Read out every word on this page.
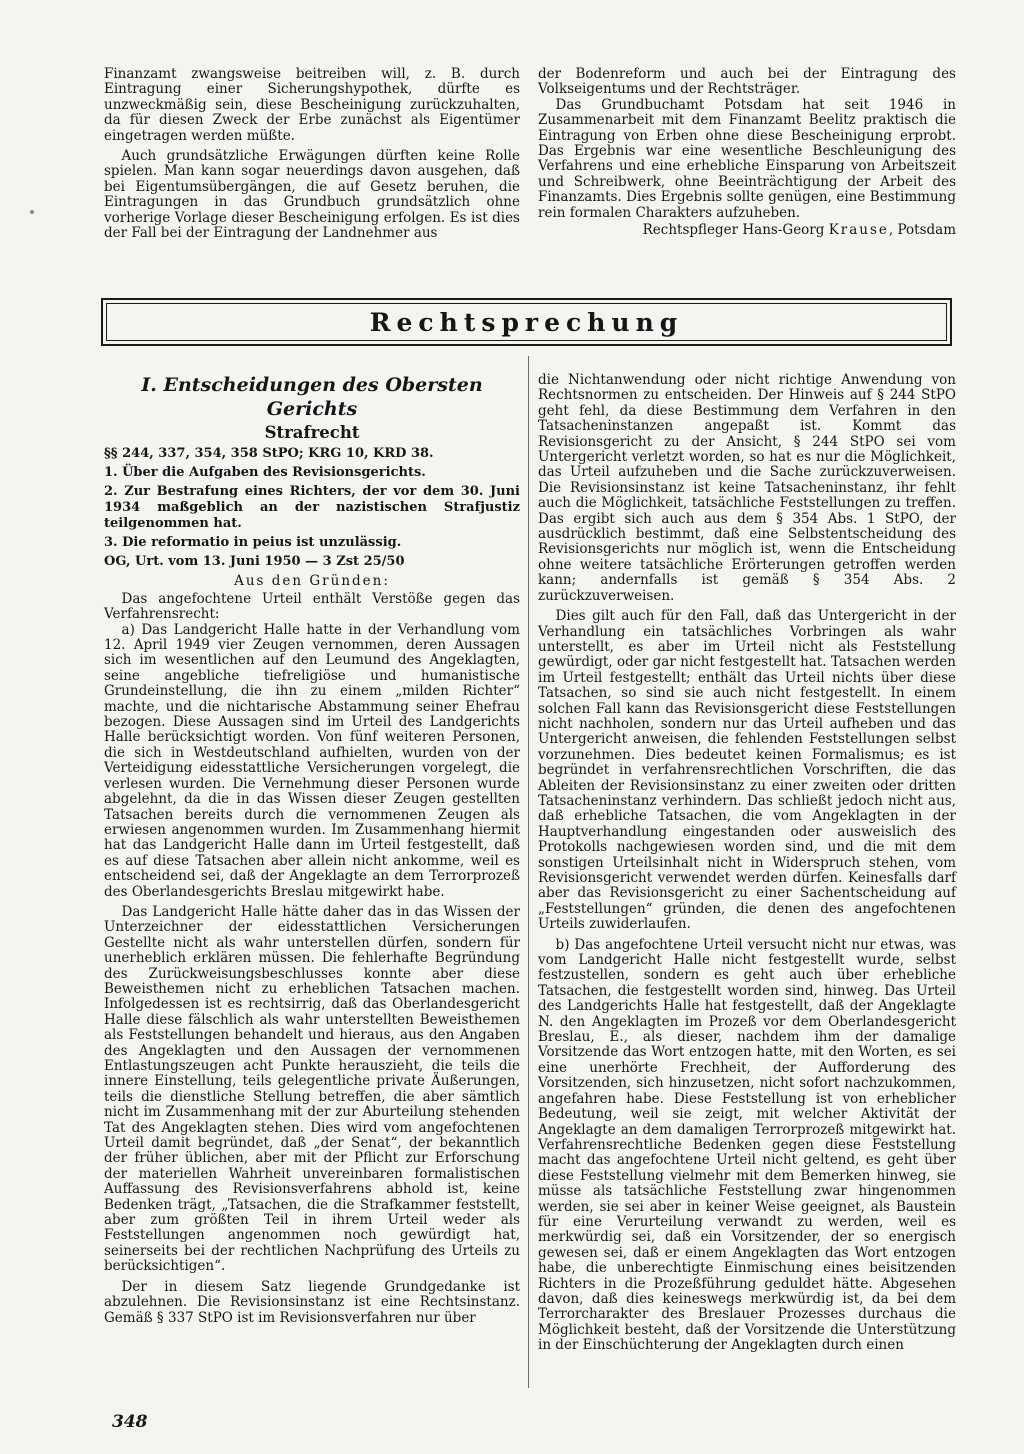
Finanzamt zwangsweise beitreiben will, z. B. durch Eintragung einer Sicherungshypothek, dürfte es unzweckmäßig sein, diese Bescheinigung zurückzuhalten, da für diesen Zweck der Erbe zunächst als Eigentümer eingetragen werden müßte.

Auch grundsätzliche Erwägungen dürften keine Rolle spielen. Man kann sogar neuerdings davon ausgehen, daß bei Eigentumsübergängen, die auf Gesetz beruhen, die Eintragungen in das Grundbuch grundsätzlich ohne vorherige Vorlage dieser Bescheinigung erfolgen. Es ist dies der Fall bei der Eintragung der Landnehmer aus

der Bodenreform und auch bei der Eintragung des Volkseigentums und der Rechtsträger.

Das Grundbuchamt Potsdam hat seit 1946 in Zusammenarbeit mit dem Finanzamt Beelitz praktisch die Eintragung von Erben ohne diese Bescheinigung erprobt. Das Ergebnis war eine wesentliche Beschleunigung des Verfahrens und eine erhebliche Einsparung von Arbeitszeit und Schreibwerk, ohne Beeinträchtigung der Arbeit des Finanzamts. Dies Ergebnis sollte genügen, eine Bestimmung rein formalen Charakters aufzuheben.

Rechtspfleger Hans-Georg Krause, Potsdam

Rechtsprechung
I. Entscheidungen des Obersten Gerichts
Strafrecht

§§ 244, 337, 354, 358 StPO; KRG 10, KRD 38.

1. Über die Aufgaben des Revisionsgerichts.

2. Zur Bestrafung eines Richters, der vor dem 30. Juni 1934 maßgeblich an der nazistischen Strafjustiz teilgenommen hat.

3. Die reformatio in peius ist unzulässig.

OG, Urt. vom 13. Juni 1950 — 3 Zst 25/50

Aus den Gründen:

Das angefochtene Urteil enthält Verstöße gegen das Verfahrensrecht:

a) Das Landgericht Halle hatte in der Verhandlung vom 12. April 1949 vier Zeugen vernommen, deren Aussagen sich im wesentlichen auf den Leumund des Angeklagten, seine angebliche tiefreligiöse und humanistische Grundeinstellung, die ihn zu einem „milden Richter“ machte, und die nichtarische Abstammung seiner Ehefrau bezogen. Diese Aussagen sind im Urteil des Landgerichts Halle berücksichtigt worden. Von fünf weiteren Personen, die sich in Westdeutschland aufhielten, wurden von der Verteidigung eidesstattliche Versicherungen vorgelegt, die verlesen wurden. Die Vernehmung dieser Personen wurde abgelehnt, da die in das Wissen dieser Zeugen gestellten Tatsachen bereits durch die vernommenen Zeugen als erwiesen angenommen wurden. Im Zusammenhang hiermit hat das Landgericht Halle dann im Urteil festgestellt, daß es auf diese Tatsachen aber allein nicht ankomme, weil es entscheidend sei, daß der Angeklagte an dem Terrorprozeß des Oberlandesgerichts Breslau mitgewirkt habe.

Das Landgericht Halle hätte daher das in das Wissen der Unterzeichner der eidesstattlichen Versicherungen Gestellte nicht als wahr unterstellen dürfen, sondern für unerheblich erklären müssen. Die fehlerhafte Begründung des Zurückweisungsbeschlusses konnte aber diese Beweisthemen nicht zu erheblichen Tatsachen machen. Infolgedessen ist es rechtsirrig, daß das Oberlandesgericht Halle diese fälschlich als wahr unterstellten Beweisthemen als Feststellungen behandelt und hieraus, aus den Angaben des Angeklagten und den Aussagen der vernommenen Entlastungszeugen acht Punkte herauszieht, die teils die innere Einstellung, teils gelegentliche private Äußerungen, teils die dienstliche Stellung betreffen, die aber sämtlich nicht im Zusammenhang mit der zur Aburteilung stehenden Tat des Angeklagten stehen. Dies wird vom angefochtenen Urteil damit begründet, daß „der Senat“, der bekanntlich der früher üblichen, aber mit der Pflicht zur Erforschung der materiellen Wahrheit unvereinbaren formalistischen Auffassung des Revisionsverfahrens abhold ist, keine Bedenken trägt, „Tatsachen, die die Strafkammer feststellt, aber zum größten Teil in ihrem Urteil weder als Feststellungen angenommen noch gewürdigt hat, seinerseits bei der rechtlichen Nachprüfung des Urteils zu berücksichtigen“.

Der in diesem Satz liegende Grundgedanke ist abzulehnen. Die Revisionsinstanz ist eine Rechtsinstanz. Gemäß § 337 StPO ist im Revisionsverfahren nur über

die Nichtanwendung oder nicht richtige Anwendung von Rechtsnormen zu entscheiden. Der Hinweis auf § 244 StPO geht fehl, da diese Bestimmung dem Verfahren in den Tatsacheninstanzen angepaßt ist. Kommt das Revisionsgericht zu der Ansicht, § 244 StPO sei vom Untergericht verletzt worden, so hat es nur die Möglichkeit, das Urteil aufzuheben und die Sache zurückzuverweisen. Die Revisionsinstanz ist keine Tatsacheninstanz, ihr fehlt auch die Möglichkeit, tatsächliche Feststellungen zu treffen. Das ergibt sich auch aus dem § 354 Abs. 1 StPO, der ausdrücklich bestimmt, daß eine Selbstentscheidung des Revisionsgerichts nur möglich ist, wenn die Entscheidung ohne weitere tatsächliche Erörterungen getroffen werden kann; andernfalls ist gemäß § 354 Abs. 2 zurückzuverweisen.

Dies gilt auch für den Fall, daß das Untergericht in der Verhandlung ein tatsächliches Vorbringen als wahr unterstellt, es aber im Urteil nicht als Feststellung gewürdigt, oder gar nicht festgestellt hat. Tatsachen werden im Urteil festgestellt; enthält das Urteil nichts über diese Tatsachen, so sind sie auch nicht festgestellt. In einem solchen Fall kann das Revisionsgericht diese Feststellungen nicht nachholen, sondern nur das Urteil aufheben und das Untergericht anweisen, die fehlenden Feststellungen selbst vorzunehmen. Dies bedeutet keinen Formalismus; es ist begründet in verfahrensrechtlichen Vorschriften, die das Ableiten der Revisionsinstanz zu einer zweiten oder dritten Tatsacheninstanz verhindern. Das schließt jedoch nicht aus, daß erhebliche Tatsachen, die vom Angeklagten in der Hauptverhandlung eingestanden oder ausweislich des Protokolls nachgewiesen worden sind, und die mit dem sonstigen Urteilsinhalt nicht in Widerspruch stehen, vom Revisionsgericht verwendet werden dürfen. Keinesfalls darf aber das Revisionsgericht zu einer Sachentscheidung auf „Feststellungen“ gründen, die denen des angefochtenen Urteils zuwiderlaufen.

b) Das angefochtene Urteil versucht nicht nur etwas, was vom Landgericht Halle nicht festgestellt wurde, selbst festzustellen, sondern es geht auch über erhebliche Tatsachen, die festgestellt worden sind, hinweg. Das Urteil des Landgerichts Halle hat festgestellt, daß der Angeklagte N. den Angeklagten im Prozeß vor dem Oberlandesgericht Breslau, E., als dieser, nachdem ihm der damalige Vorsitzende das Wort entzogen hatte, mit den Worten, es sei eine unerhörte Frechheit, der Aufforderung des Vorsitzenden, sich hinzusetzen, nicht sofort nachzukommen, angefahren habe. Diese Feststellung ist von erheblicher Bedeutung, weil sie zeigt, mit welcher Aktivität der Angeklagte an dem damaligen Terrorprozeß mitgewirkt hat. Verfahrensrechtliche Bedenken gegen diese Feststellung macht das angefochtene Urteil nicht geltend, es geht über diese Feststellung vielmehr mit dem Bemerken hinweg, sie müsse als tatsächliche Feststellung zwar hingenommen werden, sie sei aber in keiner Weise geeignet, als Baustein für eine Verurteilung verwandt zu werden, weil es merkwürdig sei, daß ein Vorsitzender, der so energisch gewesen sei, daß er einem Angeklagten das Wort entzogen habe, die unberechtigte Einmischung eines beisitzenden Richters in die Prozeßführung geduldet hätte. Abgesehen davon, daß dies keineswegs merkwürdig ist, da bei dem Terrorcharakter des Breslauer Prozesses durchaus die Möglichkeit besteht, daß der Vorsitzende die Unterstützung in der Einschüchterung der Angeklagten durch einen

348
